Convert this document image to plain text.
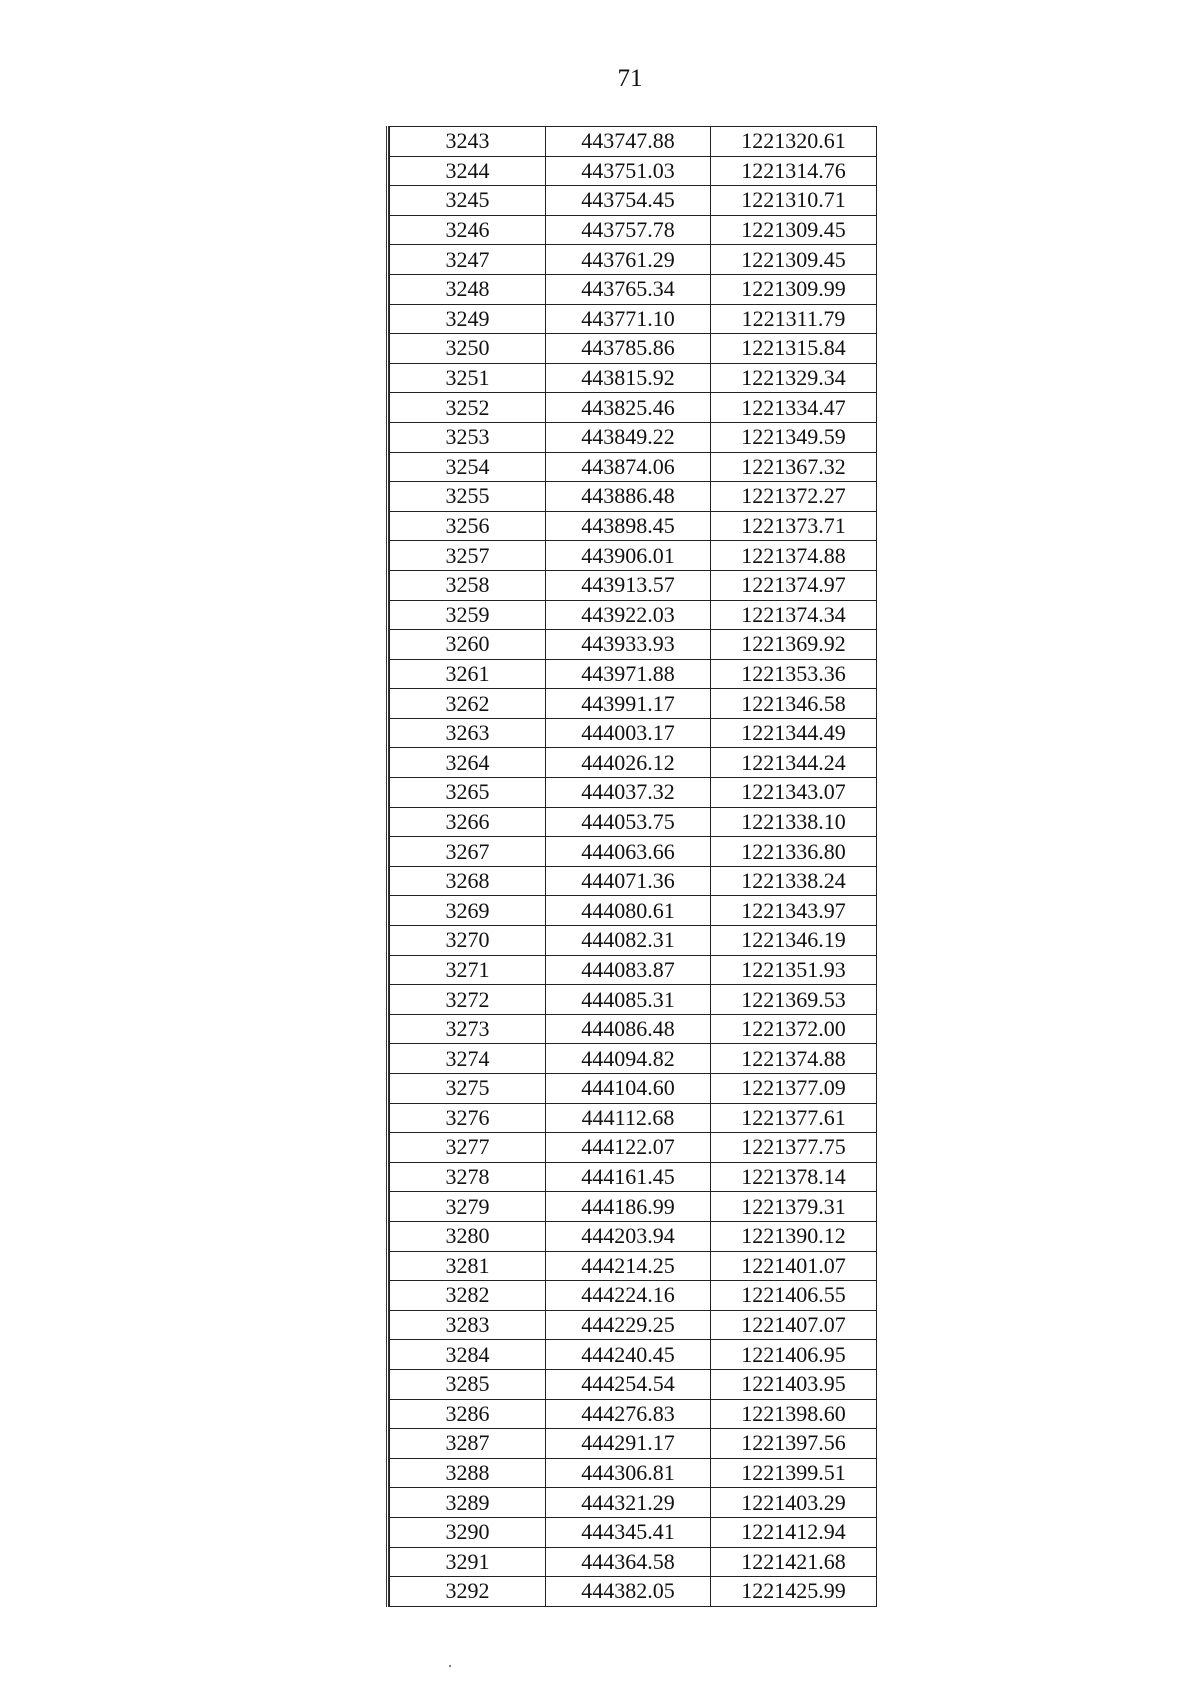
71
3243	443747.88	1221320.61
3244	443751.03	1221314.76
3245	443754.45	1221310.71
3246	443757.78	1221309.45
3247	443761.29	1221309.45
3248	443765.34	1221309.99
3249	443771.10	1221311.79
3250	443785.86	1221315.84
3251	443815.92	1221329.34
3252	443825.46	1221334.47
3253	443849.22	1221349.59
3254	443874.06	1221367.32
3255	443886.48	1221372.27
3256	443898.45	1221373.71
3257	443906.01	1221374.88
3258	443913.57	1221374.97
3259	443922.03	1221374.34
3260	443933.93	1221369.92
3261	443971.88	1221353.36
3262	443991.17	1221346.58
3263	444003.17	1221344.49
3264	444026.12	1221344.24
3265	444037.32	1221343.07
3266	444053.75	1221338.10
3267	444063.66	1221336.80
3268	444071.36	1221338.24
3269	444080.61	1221343.97
3270	444082.31	1221346.19
3271	444083.87	1221351.93
3272	444085.31	1221369.53
3273	444086.48	1221372.00
3274	444094.82	1221374.88
3275	444104.60	1221377.09
3276	444112.68	1221377.61
3277	444122.07	1221377.75
3278	444161.45	1221378.14
3279	444186.99	1221379.31
3280	444203.94	1221390.12
3281	444214.25	1221401.07
3282	444224.16	1221406.55
3283	444229.25	1221407.07
3284	444240.45	1221406.95
3285	444254.54	1221403.95
3286	444276.83	1221398.60
3287	444291.17	1221397.56
3288	444306.81	1221399.51
3289	444321.29	1221403.29
3290	444345.41	1221412.94
3291	444364.58	1221421.68
3292	444382.05	1221425.99
